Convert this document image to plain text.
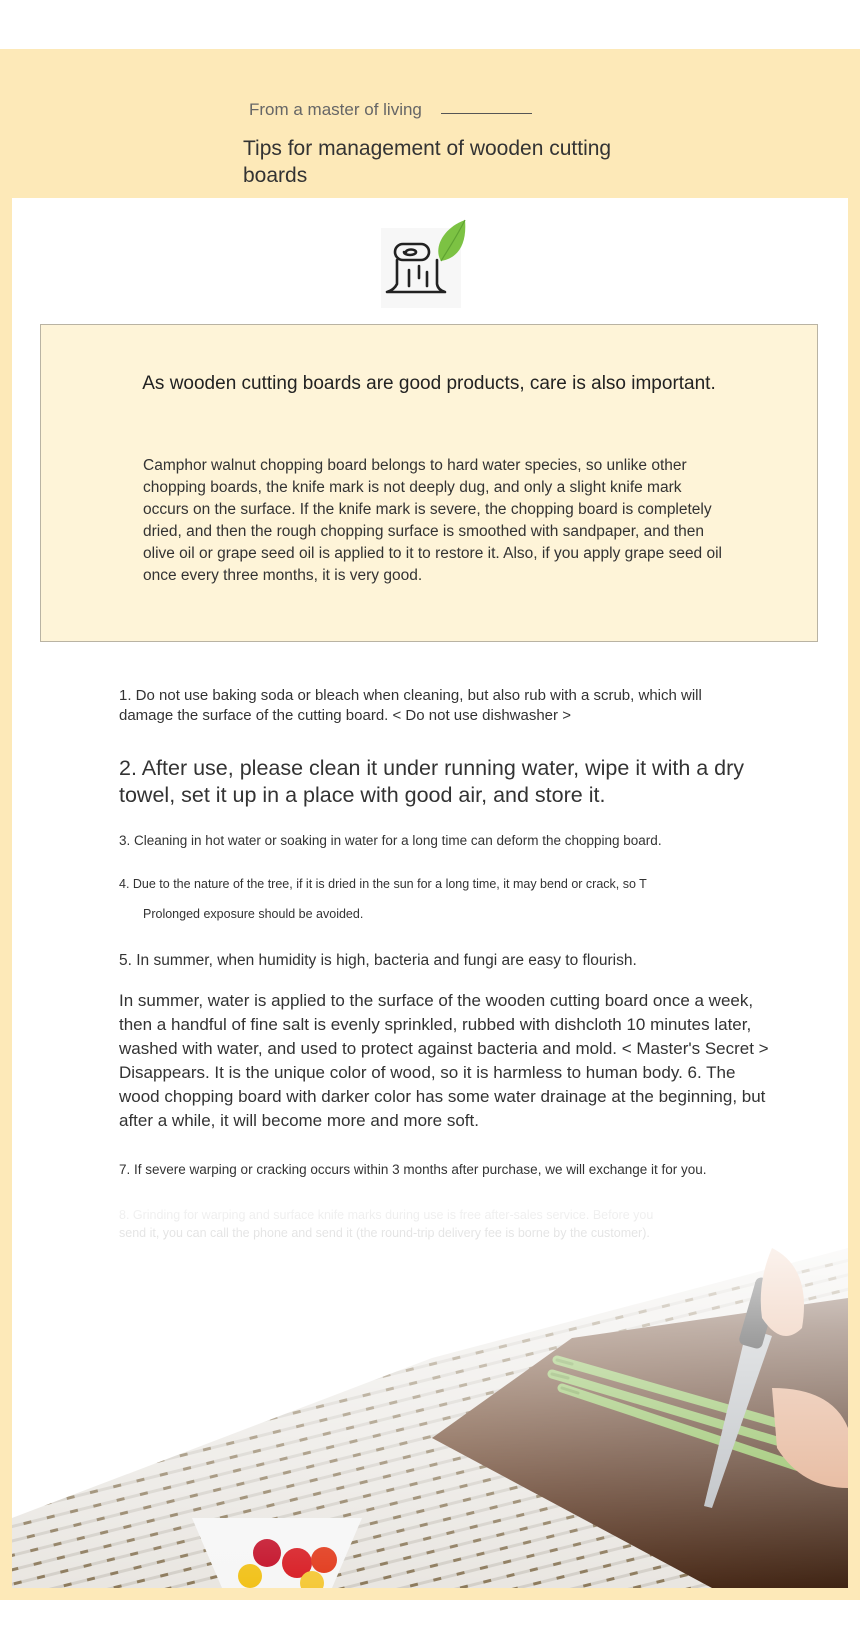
From a master of living
Tips for management of wooden cutting boards
As wooden cutting boards are good products, care is also important.
Camphor walnut chopping board belongs to hard water species, so unlike other chopping boards, the knife mark is not deeply dug, and only a slight knife mark occurs on the surface. If the knife mark is severe, the chopping board is completely dried, and then the rough chopping surface is smoothed with sandpaper, and then olive oil or grape seed oil is applied to it to restore it. Also, if you apply grape seed oil once every three months, it is very good.
1. Do not use baking soda or bleach when cleaning, but also rub with a scrub, which will damage the surface of the cutting board. < Do not use dishwasher >
2. After use, please clean it under running water, wipe it with a dry towel, set it up in a place with good air, and store it.
3. Cleaning in hot water or soaking in water for a long time can deform the chopping board.
4. Due to the nature of the tree, if it is dried in the sun for a long time, it may bend or crack, so T
Prolonged exposure should be avoided.
5. In summer, when humidity is high, bacteria and fungi are easy to flourish.
In summer, water is applied to the surface of the wooden cutting board once a week, then a handful of fine salt is evenly sprinkled, rubbed with dishcloth 10 minutes later, washed with water, and used to protect against bacteria and mold. < Master's Secret > Disappears. It is the unique color of wood, so it is harmless to human body. 6. The wood chopping board with darker color has some water drainage at the beginning, but after a while, it will become more and more soft.
7. If severe warping or cracking occurs within 3 months after purchase, we will exchange it for you.
